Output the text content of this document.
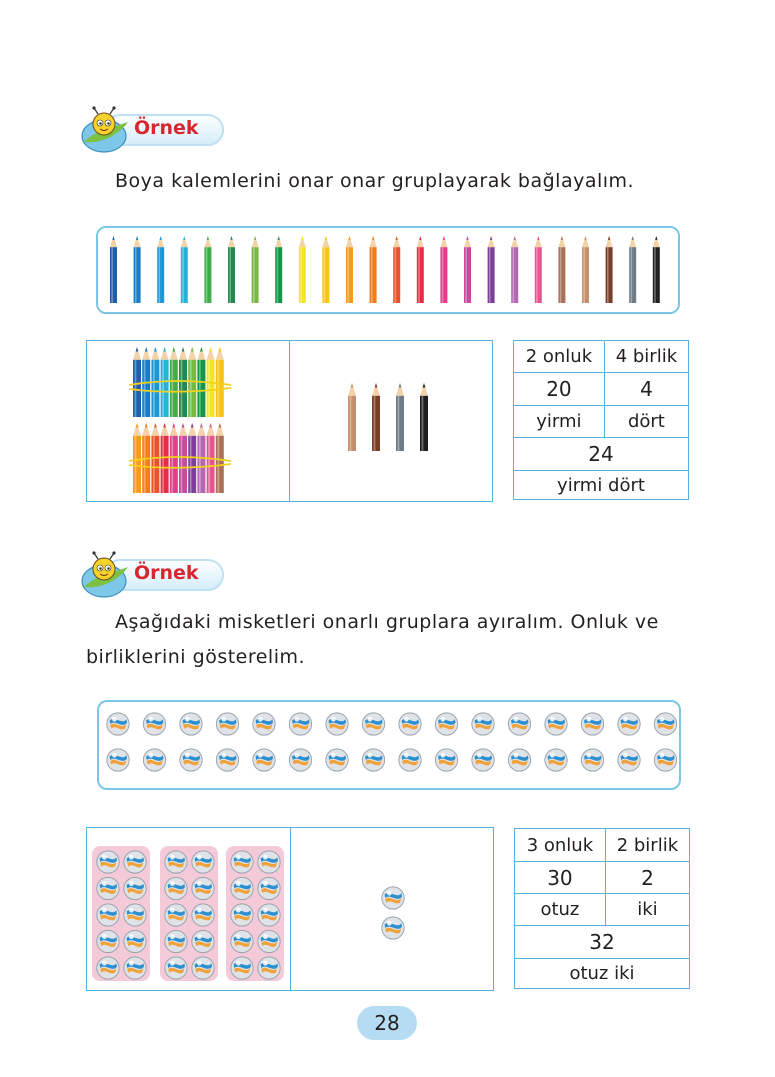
Örnek
Boya kalemlerini onar onar gruplayarak bağlayalım.
2 onluk	4 birlik
20	4
yirmi	dört
24	
yirmi dört	
Örnek
Aşağıdaki misketleri onarlı gruplara ayıralım. Onluk ve
birliklerini gösterelim.
3 onluk	2 birlik
30	2
otuz	iki
32	
otuz iki	
28
